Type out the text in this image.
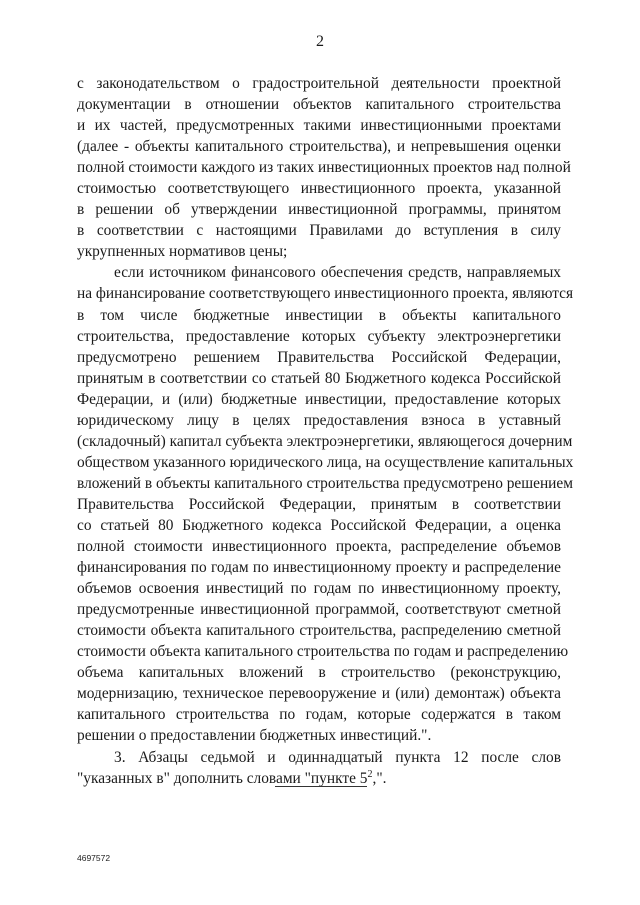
2
с законодательством о градостроительной деятельности проектной
документации в отношении объектов капитального строительства
и их частей, предусмотренных такими инвестиционными проектами
(далее - объекты капитального строительства), и непревышения оценки
полной стоимости каждого из таких инвестиционных проектов над полной
стоимостью соответствующего инвестиционного проекта, указанной
в решении об утверждении инвестиционной программы, принятом
в соответствии с настоящими Правилами до вступления в силу
укрупненных нормативов цены;
если источником финансового обеспечения средств, направляемых
на финансирование соответствующего инвестиционного проекта, являются
в том числе бюджетные инвестиции в объекты капитального
строительства, предоставление которых субъекту электроэнергетики
предусмотрено решением Правительства Российской Федерации,
принятым в соответствии со статьей 80 Бюджетного кодекса Российской
Федерации, и (или) бюджетные инвестиции, предоставление которых
юридическому лицу в целях предоставления взноса в уставный
(складочный) капитал субъекта электроэнергетики, являющегося дочерним
обществом указанного юридического лица, на осуществление капитальных
вложений в объекты капитального строительства предусмотрено решением
Правительства Российской Федерации, принятым в соответствии
со статьей 80 Бюджетного кодекса Российской Федерации, а оценка
полной стоимости инвестиционного проекта, распределение объемов
финансирования по годам по инвестиционному проекту и распределение
объемов освоения инвестиций по годам по инвестиционному проекту,
предусмотренные инвестиционной программой, соответствуют сметной
стоимости объекта капитального строительства, распределению сметной
стоимости объекта капитального строительства по годам и распределению
объема капитальных вложений в строительство (реконструкцию,
модернизацию, техническое перевооружение и (или) демонтаж) объекта
капитального строительства по годам, которые содержатся в таком
решении о предоставлении бюджетных инвестиций.".
3. Абзацы седьмой и одиннадцатый пункта 12 после слов
"указанных в" дополнить словами "пункте $5^2$,".
4697572
